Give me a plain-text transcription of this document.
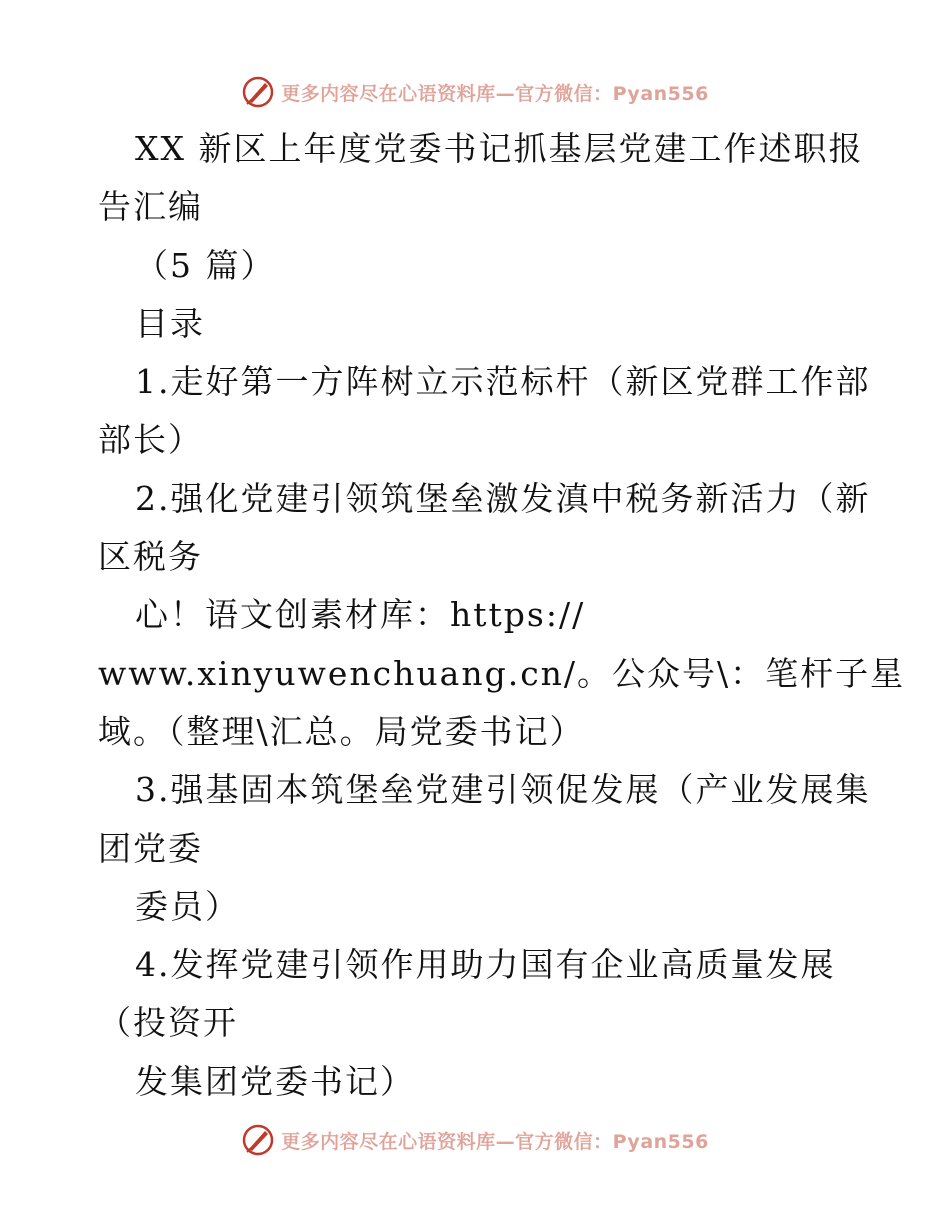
更多内容尽在心语资料库—官方微信：Pyan556
XX 新区上年度党委书记抓基层党建工作述职报
告汇编
（5 篇）
目录
1.走好第一方阵树立示范标杆（新区党群工作部
部长）
2.强化党建引领筑堡垒激发滇中税务新活力（新
区税务
心！语文创素材库：https://
www.xinyuwenchuang.cn/。公众号\：笔杆子星
域。（整理\汇总。局党委书记）
3.强基固本筑堡垒党建引领促发展（产业发展集
团党委
委员）
4.发挥党建引领作用助力国有企业高质量发展
（投资开
发集团党委书记）
更多内容尽在心语资料库—官方微信：Pyan556
